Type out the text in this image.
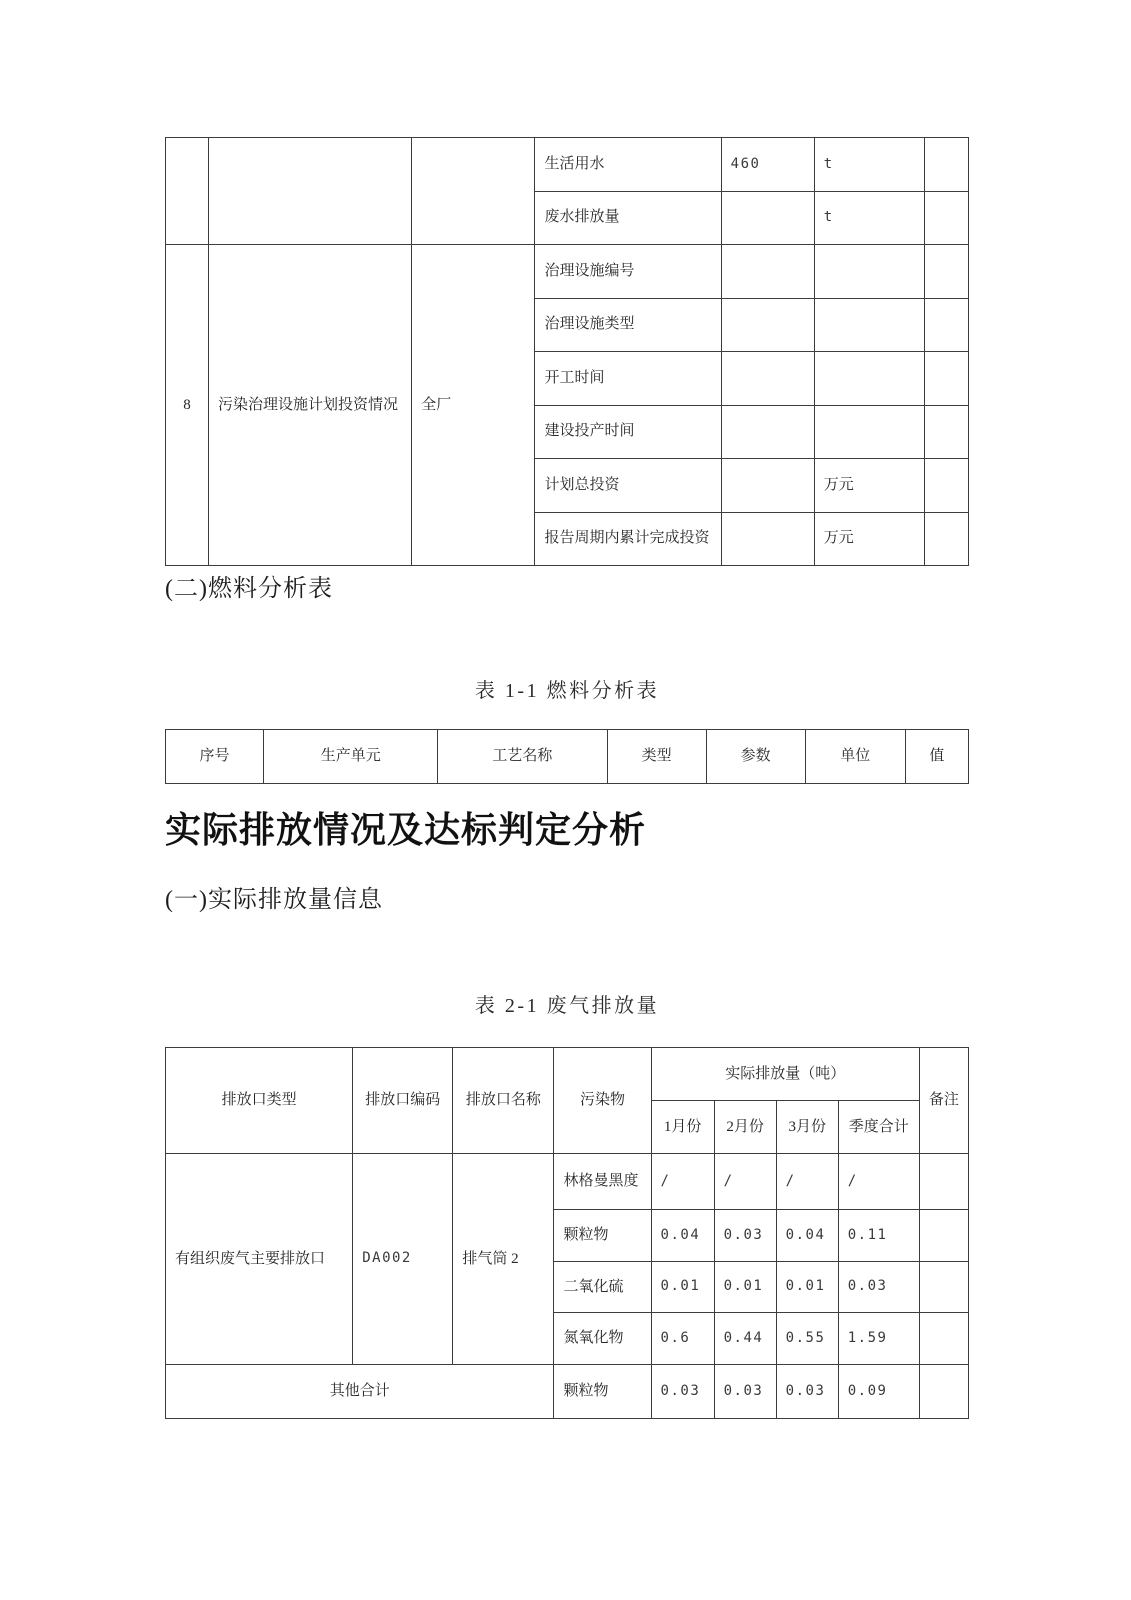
			生活用水	460	t	
			废水排放量		t	
8	污染治理设施计划投资情况	全厂	治理设施编号			
			治理设施类型			
			开工时间			
			建设投产时间			
			计划总投资		万元	
			报告周期内累计完成投资		万元	
(二)燃料分析表
表 1-1 燃料分析表
序号	生产单元	工艺名称	类型	参数	单位	值
实际排放情况及达标判定分析
(一)实际排放量信息
表 2-1 废气排放量
排放口类型	排放口编码	排放口名称	污染物	实际排放量（吨）				备注
				1月份	2月份	3月份	季度合计	
有组织废气主要排放口	DA002	排气筒 2	林格曼黑度	/	/	/	/	
			颗粒物	0.04	0.03	0.04	0.11	
			二氧化硫	0.01	0.01	0.01	0.03	
			氮氧化物	0.6	0.44	0.55	1.59	
其他合计			颗粒物	0.03	0.03	0.03	0.09	
